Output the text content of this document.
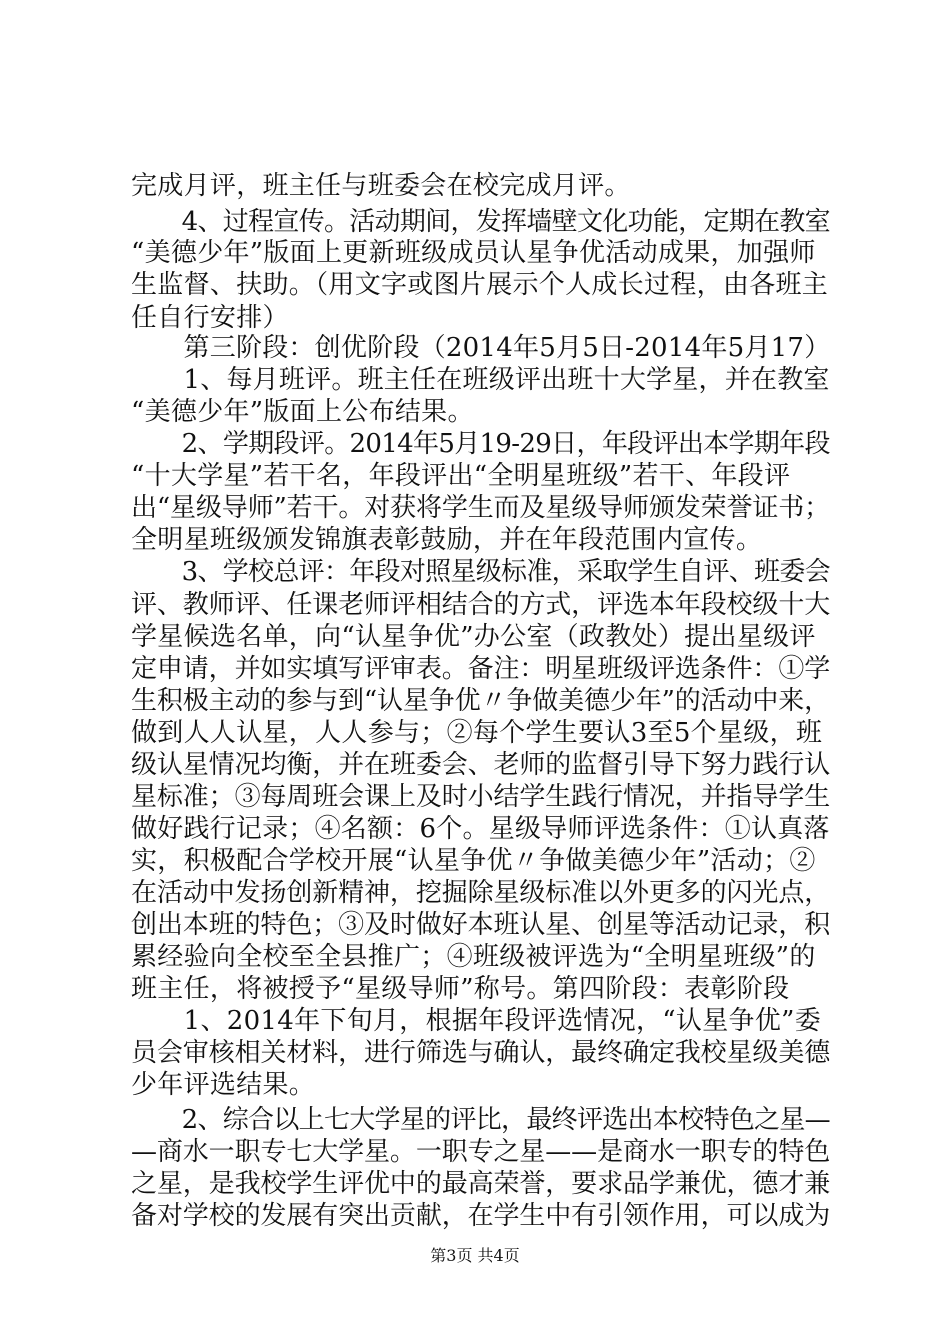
完成月评，班主任与班委会在校完成月评。
　　4、过程宣传。活动期间，发挥墙壁文化功能，定期在教室
“美德少年”版面上更新班级成员认星争优活动成果，加强师
生监督、扶助。（用文字或图片展示个人成长过程，由各班主
任自行安排）
　　第三阶段：创优阶段（2014年5月5日-2014年5月17）
　　1、每月班评。班主任在班级评出班十大学星，并在教室
“美德少年”版面上公布结果。
　　2、学期段评。2014年5月19-29日，年段评出本学期年段
“十大学星”若干名，年段评出“全明星班级”若干、年段评
出“星级导师”若干。对获将学生而及星级导师颁发荣誉证书；
全明星班级颁发锦旗表彰鼓励，并在年段范围内宣传。
　　3、学校总评：年段对照星级标准，采取学生自评、班委会
评、教师评、任课老师评相结合的方式，评选本年段校级十大
学星候选名单，向“认星争优”办公室（政教处）提出星级评
定申请，并如实填写评审表。备注：明星班级评选条件：①学
生积极主动的参与到“认星争优〃争做美德少年”的活动中来，
做到人人认星，人人参与；②每个学生要认3至5个星级，班
级认星情况均衡，并在班委会、老师的监督引导下努力践行认
星标准；③每周班会课上及时小结学生践行情况，并指导学生
做好践行记录；④名额：6个。星级导师评选条件：①认真落
实，积极配合学校开展“认星争优〃争做美德少年”活动；②
在活动中发扬创新精神，挖掘除星级标准以外更多的闪光点，
创出本班的特色；③及时做好本班认星、创星等活动记录，积
累经验向全校至全县推广；④班级被评选为“全明星班级”的
班主任，将被授予“星级导师”称号。第四阶段：表彰阶段
　　1、2014年下旬月，根据年段评选情况，“认星争优”委
员会审核相关材料，进行筛选与确认，最终确定我校星级美德
少年评选结果。
　　2、综合以上七大学星的评比，最终评选出本校特色之星—
—商水一职专七大学星。一职专之星——是商水一职专的特色
之星，是我校学生评优中的最高荣誉，要求品学兼优，德才兼
备对学校的发展有突出贡献，在学生中有引领作用，可以成为
第3页 共4页
